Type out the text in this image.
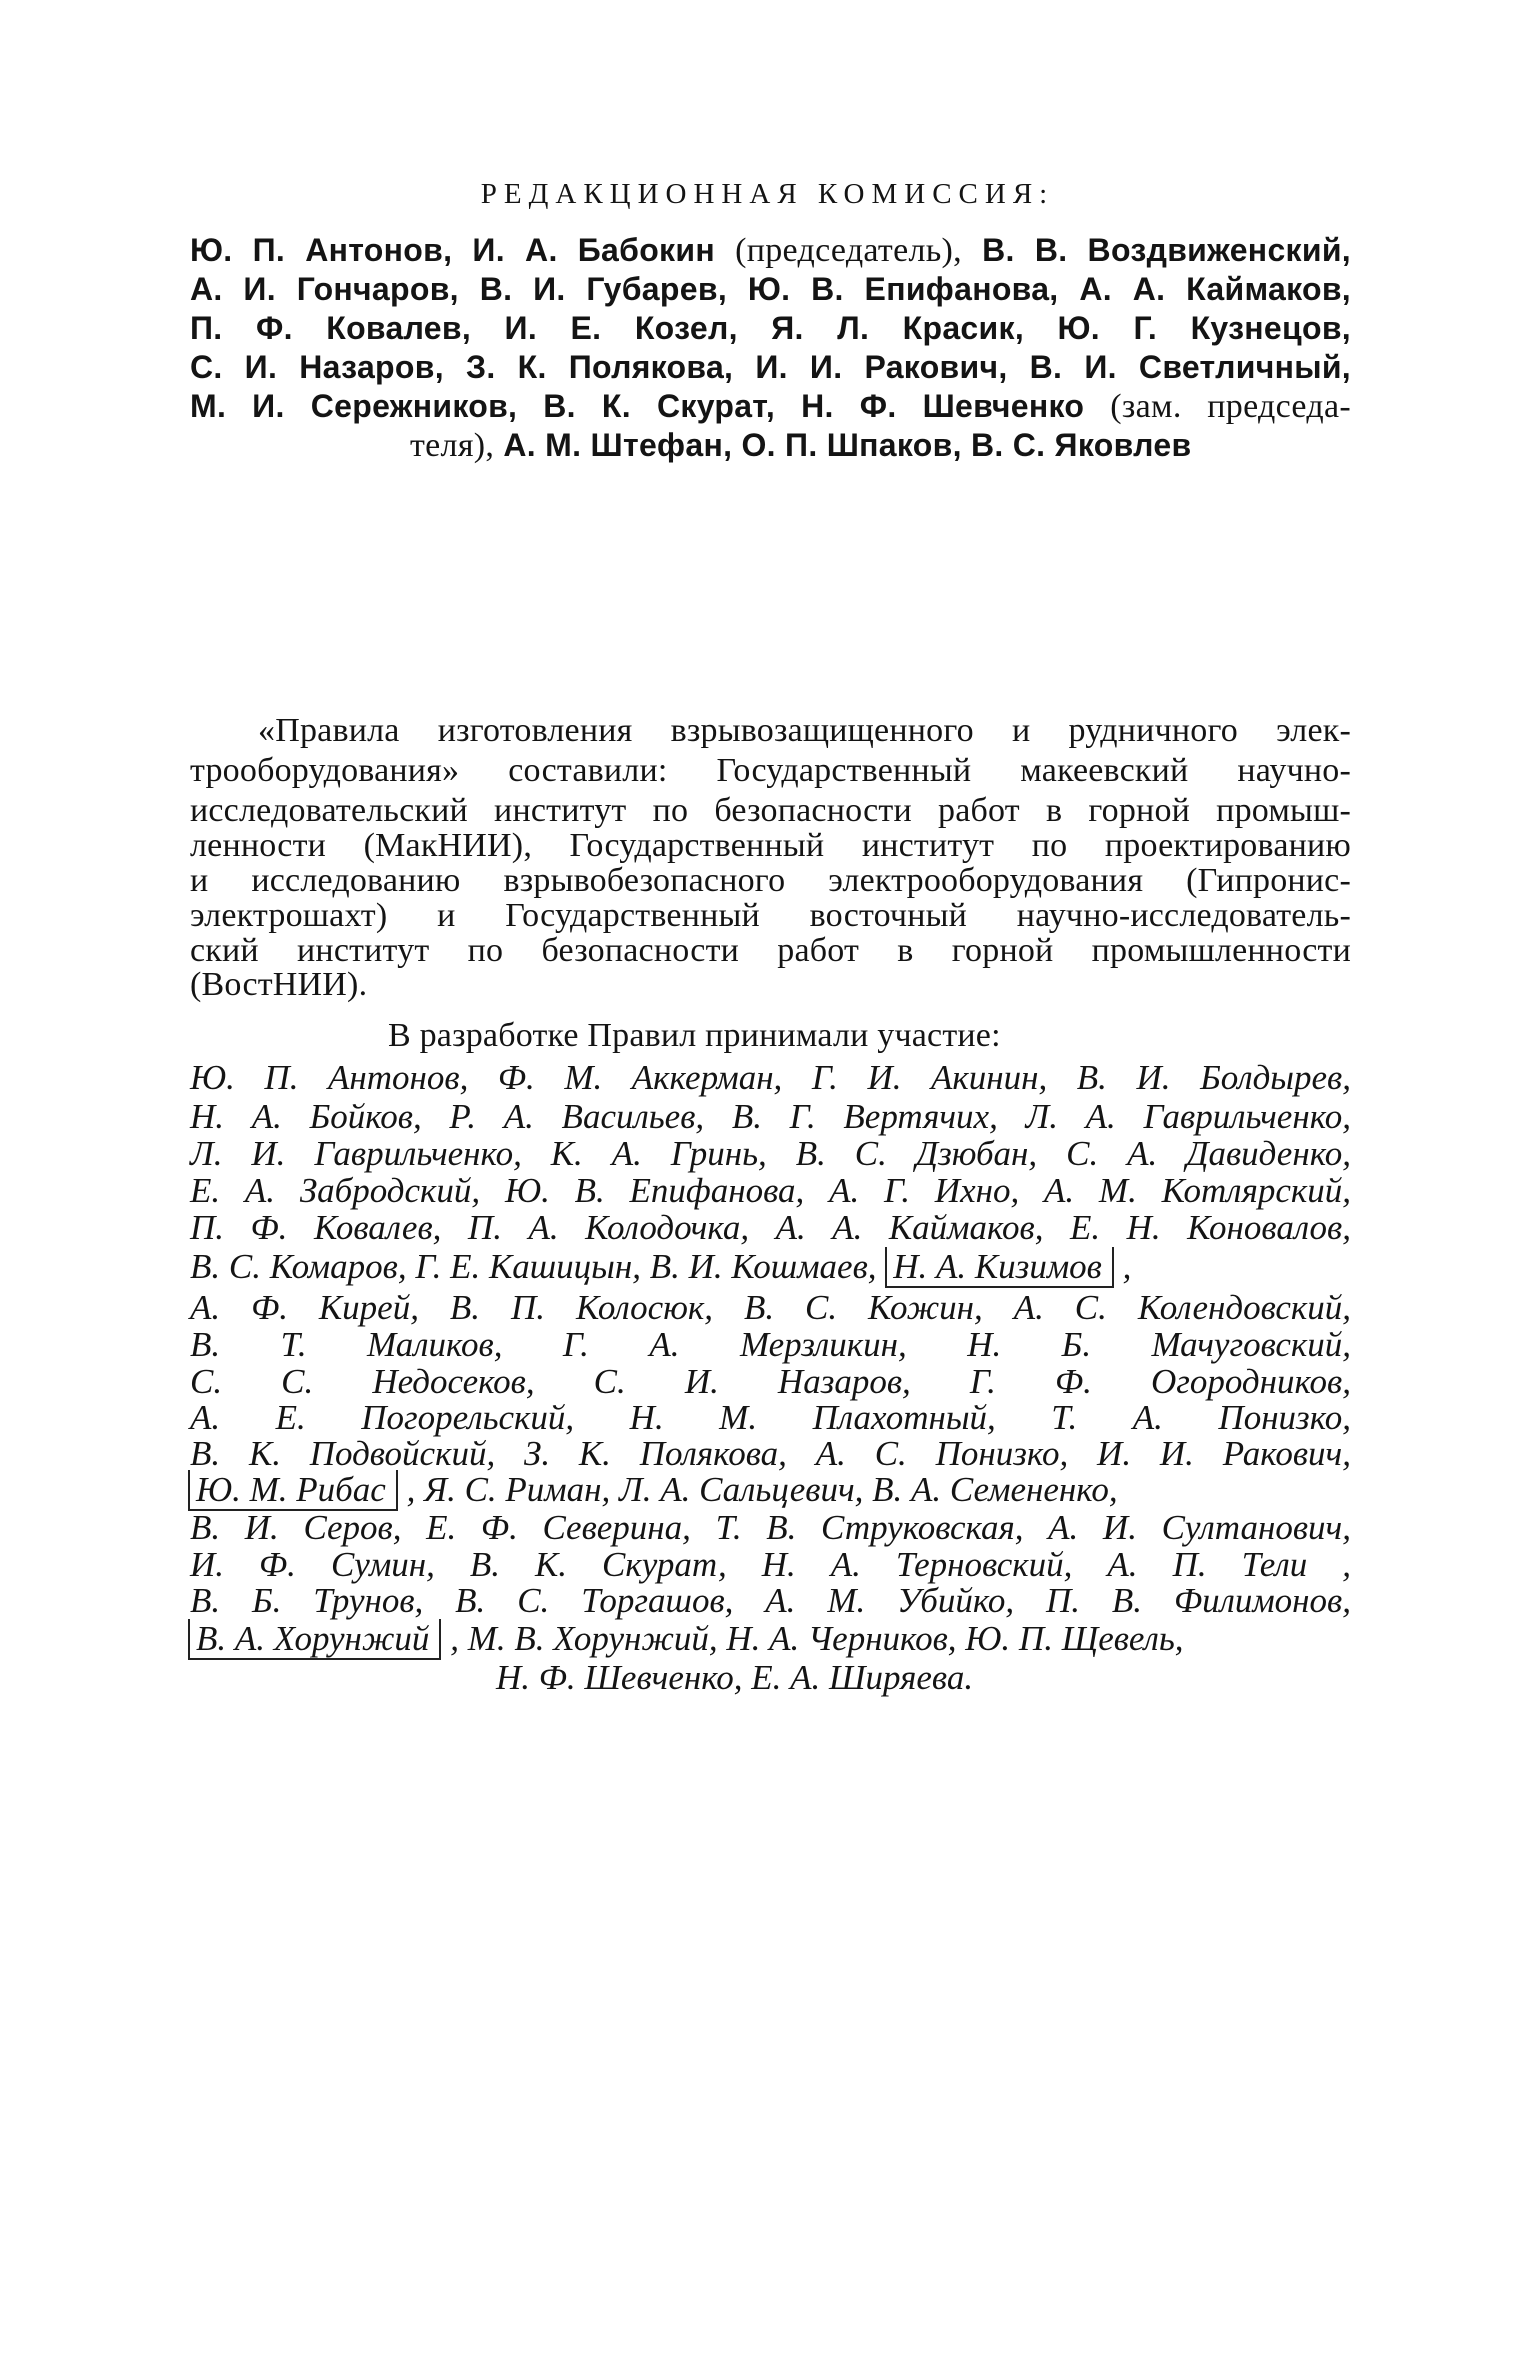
РЕДАКЦИОННАЯ КОМИССИЯ:
Ю. П. Антонов, И. А. Бабокин (председатель), В. В. Воздвиженский,
А. И. Гончаров, В. И. Губарев, Ю. В. Епифанова, А. А. Каймаков,
П. Ф. Ковалев, И. Е. Козел, Я. Л. Красик, Ю. Г. Кузнецов,
С. И. Назаров, З. К. Полякова, И. И. Ракович, В. И. Светличный,
М. И. Сережников, В. К. Скурат, Н. Ф. Шевченко (зам. председа-
теля), А. М. Штефан, О. П. Шпаков, В. С. Яковлев
«Правила изготовления взрывозащищенного и рудничного элек-
трооборудования» составили: Государственный макеевский научно-
исследовательский институт по безопасности работ в горной промыш-
ленности (МакНИИ), Государственный институт по проектированию
и исследованию взрывобезопасного электрооборудования (Гипронис-
электрошахт) и Государственный восточный научно-исследователь-
ский институт по безопасности работ в горной промышленности
(ВостНИИ).
В разработке Правил принимали участие:
Ю. П. Антонов, Ф. М. Аккерман, Г. И. Акинин, В. И. Болдырев,
Н. А. Бойков, Р. А. Васильев, В. Г. Вертячих, Л. А. Гаврильченко,
Л. И. Гаврильченко, К. А. Гринь, В. С. Дзюбан, С. А. Давиденко,
Е. А. Забродский, Ю. В. Епифанова, А. Г. Ихно, А. М. Котлярский,
П. Ф. Ковалев, П. А. Колодочка, А. А. Каймаков, Е. Н. Коновалов,
В. С. Комаров, Г. Е. Кашицын, В. И. Кошмаев, Н. А. Кизимов ,
А. Ф. Кирей, В. П. Колосюк, В. С. Кожин, А. С. Колендовский,
В. Т. Маликов, Г. А. Мерзликин, Н. Б. Мачуговский,
С. С. Недосеков, С. И. Назаров, Г. Ф. Огородников,
А. Е. Погорельский, Н. М. Плахотный, Т. А. Понизко,
В. К. Подвойский, З. К. Полякова, А. С. Понизко, И. И. Ракович,
Ю. М. Рибас , Я. С. Риман, Л. А. Сальцевич, В. А. Семененко,
В. И. Серов, Е. Ф. Северина, Т. В. Струковская, А. И. Султанович,
И. Ф. Сумин, В. К. Скурат, Н. А. Терновский, А. П. Тели ,
В. Б. Трунов, В. С. Торгашов, А. М. Убийко, П. В. Филимонов,
В. А. Хорунжий , М. В. Хорунжий, Н. А. Черников, Ю. П. Щевель,
Н. Ф. Шевченко, Е. А. Ширяева.
